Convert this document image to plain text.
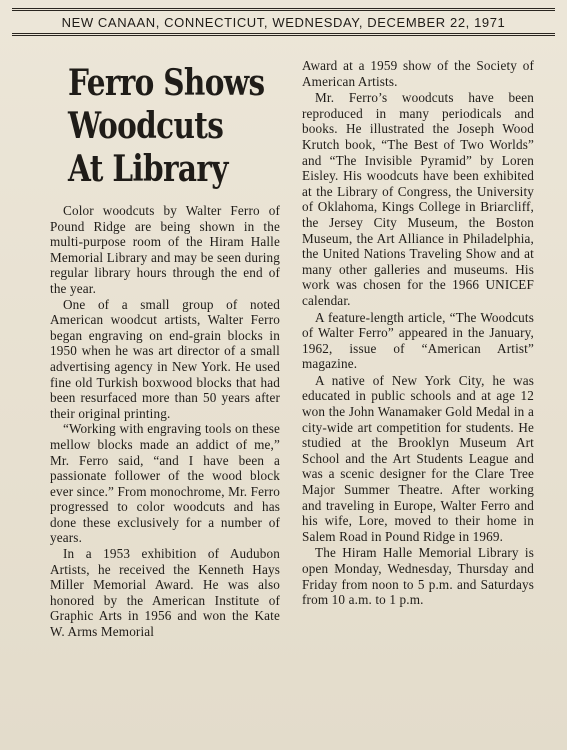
NEW CANAAN, CONNECTICUT, WEDNESDAY, DECEMBER 22, 1971
Ferro Shows
Woodcuts
At Library

Color woodcuts by Walter Ferro of Pound Ridge are being shown in the multi-purpose room of the Hiram Halle Memorial Library and may be seen during regular library hours through the end of the year.

One of a small group of noted American woodcut artists, Walter Ferro began engraving on end-grain blocks in 1950 when he was art director of a small advertising agency in New York. He used fine old Turkish boxwood blocks that had been resurfaced more than 50 years after their original printing.

“Working with engraving tools on these mellow blocks made an addict of me,” Mr. Ferro said, “and I have been a passionate follower of the wood block ever since.” From monochrome, Mr. Ferro progressed to color woodcuts and has done these exclusively for a number of years.

In a 1953 exhibition of Audubon Artists, he received the Kenneth Hays Miller Memorial Award. He was also honored by the American Institute of Graphic Arts in 1956 and won the Kate W. Arms Memorial

Award at a 1959 show of the Society of American Artists.

Mr. Ferro’s woodcuts have been reproduced in many periodicals and books. He illustrated the Joseph Wood Krutch book, “The Best of Two Worlds” and “The Invisible Pyramid” by Loren Eisley. His woodcuts have been exhibited at the Library of Congress, the University of Oklahoma, Kings College in Briarcliff, the Jersey City Museum, the Boston Museum, the Art Alliance in Philadelphia, the United Nations Traveling Show and at many other galleries and museums. His work was chosen for the 1966 UNICEF calendar.

A feature-length article, “The Woodcuts of Walter Ferro” appeared in the January, 1962, issue of “American Artist” magazine.

A native of New York City, he was educated in public schools and at age 12 won the John Wanamaker Gold Medal in a city-wide art competition for students. He studied at the Brooklyn Museum Art School and the Art Students League and was a scenic designer for the Clare Tree Major Summer Theatre. After working and traveling in Europe, Walter Ferro and his wife, Lore, moved to their home in Salem Road in Pound Ridge in 1969.

The Hiram Halle Memorial Library is open Monday, Wednesday, Thursday and Friday from noon to 5 p.m. and Saturdays from 10 a.m. to 1 p.m.
